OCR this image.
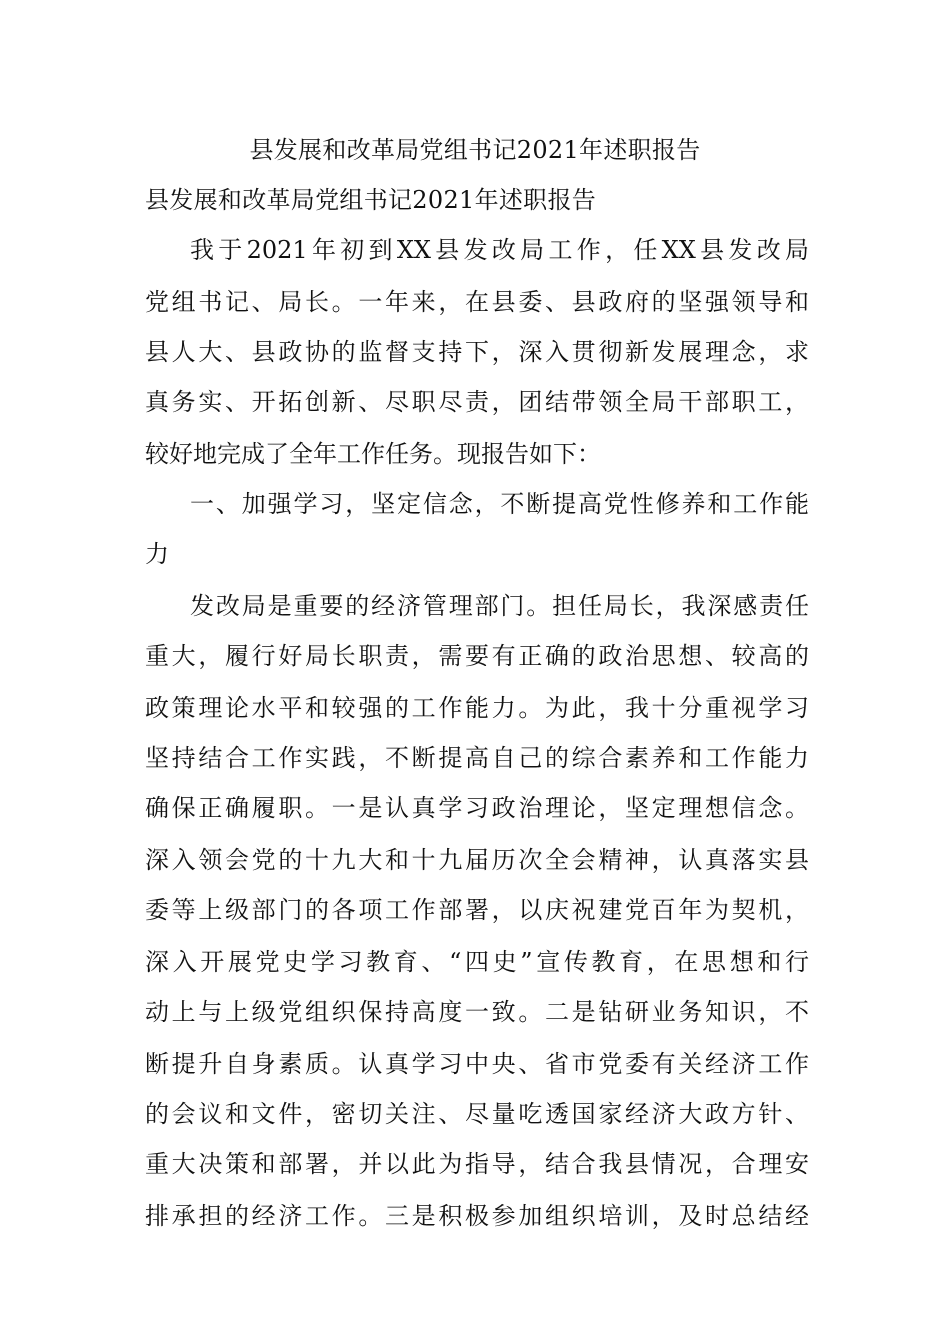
县发展和改革局党组书记2021年述职报告
县发展和改革局党组书记2021年述职报告
我于2021年初到XX县发改局工作，任XX县发改局
党组书记、局长。一年来，在县委、县政府的坚强领导和
县人大、县政协的监督支持下，深入贯彻新发展理念，求
真务实、开拓创新、尽职尽责，团结带领全局干部职工，
较好地完成了全年工作任务。现报告如下：
一、加强学习，坚定信念，不断提高党性修养和工作能
力
发改局是重要的经济管理部门。担任局长，我深感责任
重大，履行好局长职责，需要有正确的政治思想、较高的
政策理论水平和较强的工作能力。为此，我十分重视学习
坚持结合工作实践，不断提高自己的综合素养和工作能力
确保正确履职。一是认真学习政治理论，坚定理想信念。
深入领会党的十九大和十九届历次全会精神，认真落实县
委等上级部门的各项工作部署，以庆祝建党百年为契机，
深入开展党史学习教育、“四史”宣传教育，在思想和行
动上与上级党组织保持高度一致。二是钻研业务知识，不
断提升自身素质。认真学习中央、省市党委有关经济工作
的会议和文件，密切关注、尽量吃透国家经济大政方针、
重大决策和部署，并以此为指导，结合我县情况，合理安
排承担的经济工作。三是积极参加组织培训，及时总结经
